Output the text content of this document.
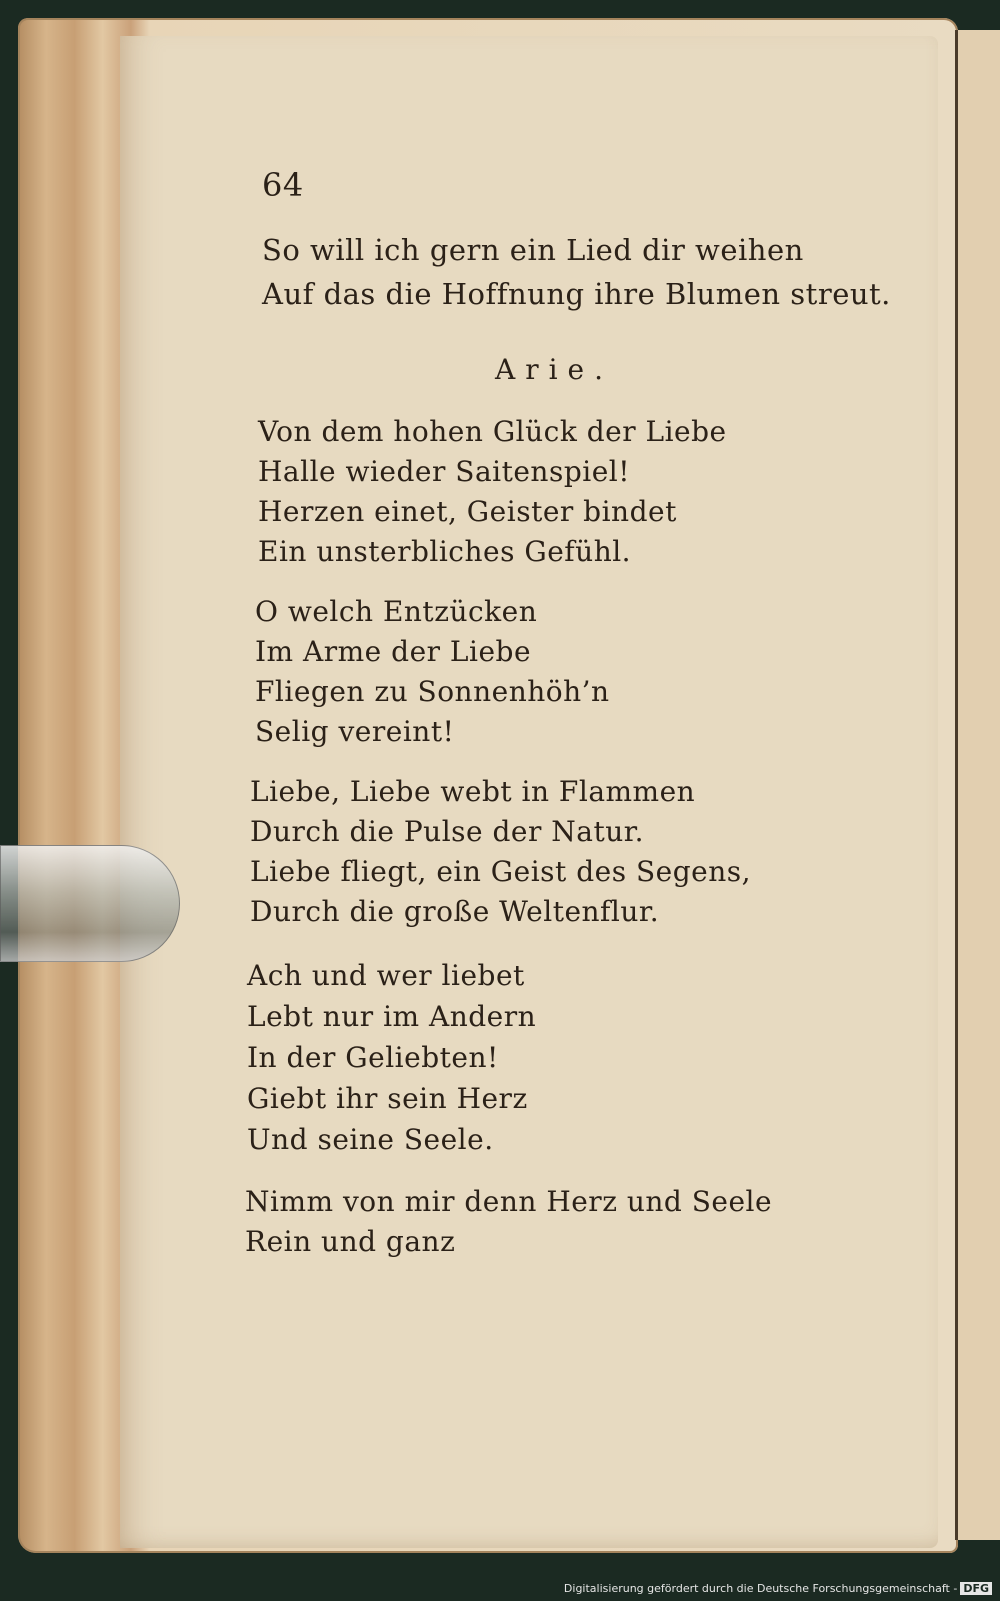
64
So will ich gern ein Lied dir weihen
Auf das die Hoffnung ihre Blumen streut.
Arie.
Von dem hohen Glück der Liebe
Halle wieder Saitenspiel!
Herzen einet, Geister bindet
Ein unsterbliches Gefühl.
O welch Entzücken
Im Arme der Liebe
Fliegen zu Sonnenhöh’n
Selig vereint!
Liebe, Liebe webt in Flammen
Durch die Pulse der Natur.
Liebe fliegt, ein Geist des Segens,
Durch die große Weltenflur.
Ach und wer liebet
Lebt nur im Andern
In der Geliebten!
Giebt ihr sein Herz
Und seine Seele.
Nimm von mir denn Herz und Seele
Rein und ganz
Digitalisierung gefördert durch die Deutsche Forschungsgemeinschaft - DFG
